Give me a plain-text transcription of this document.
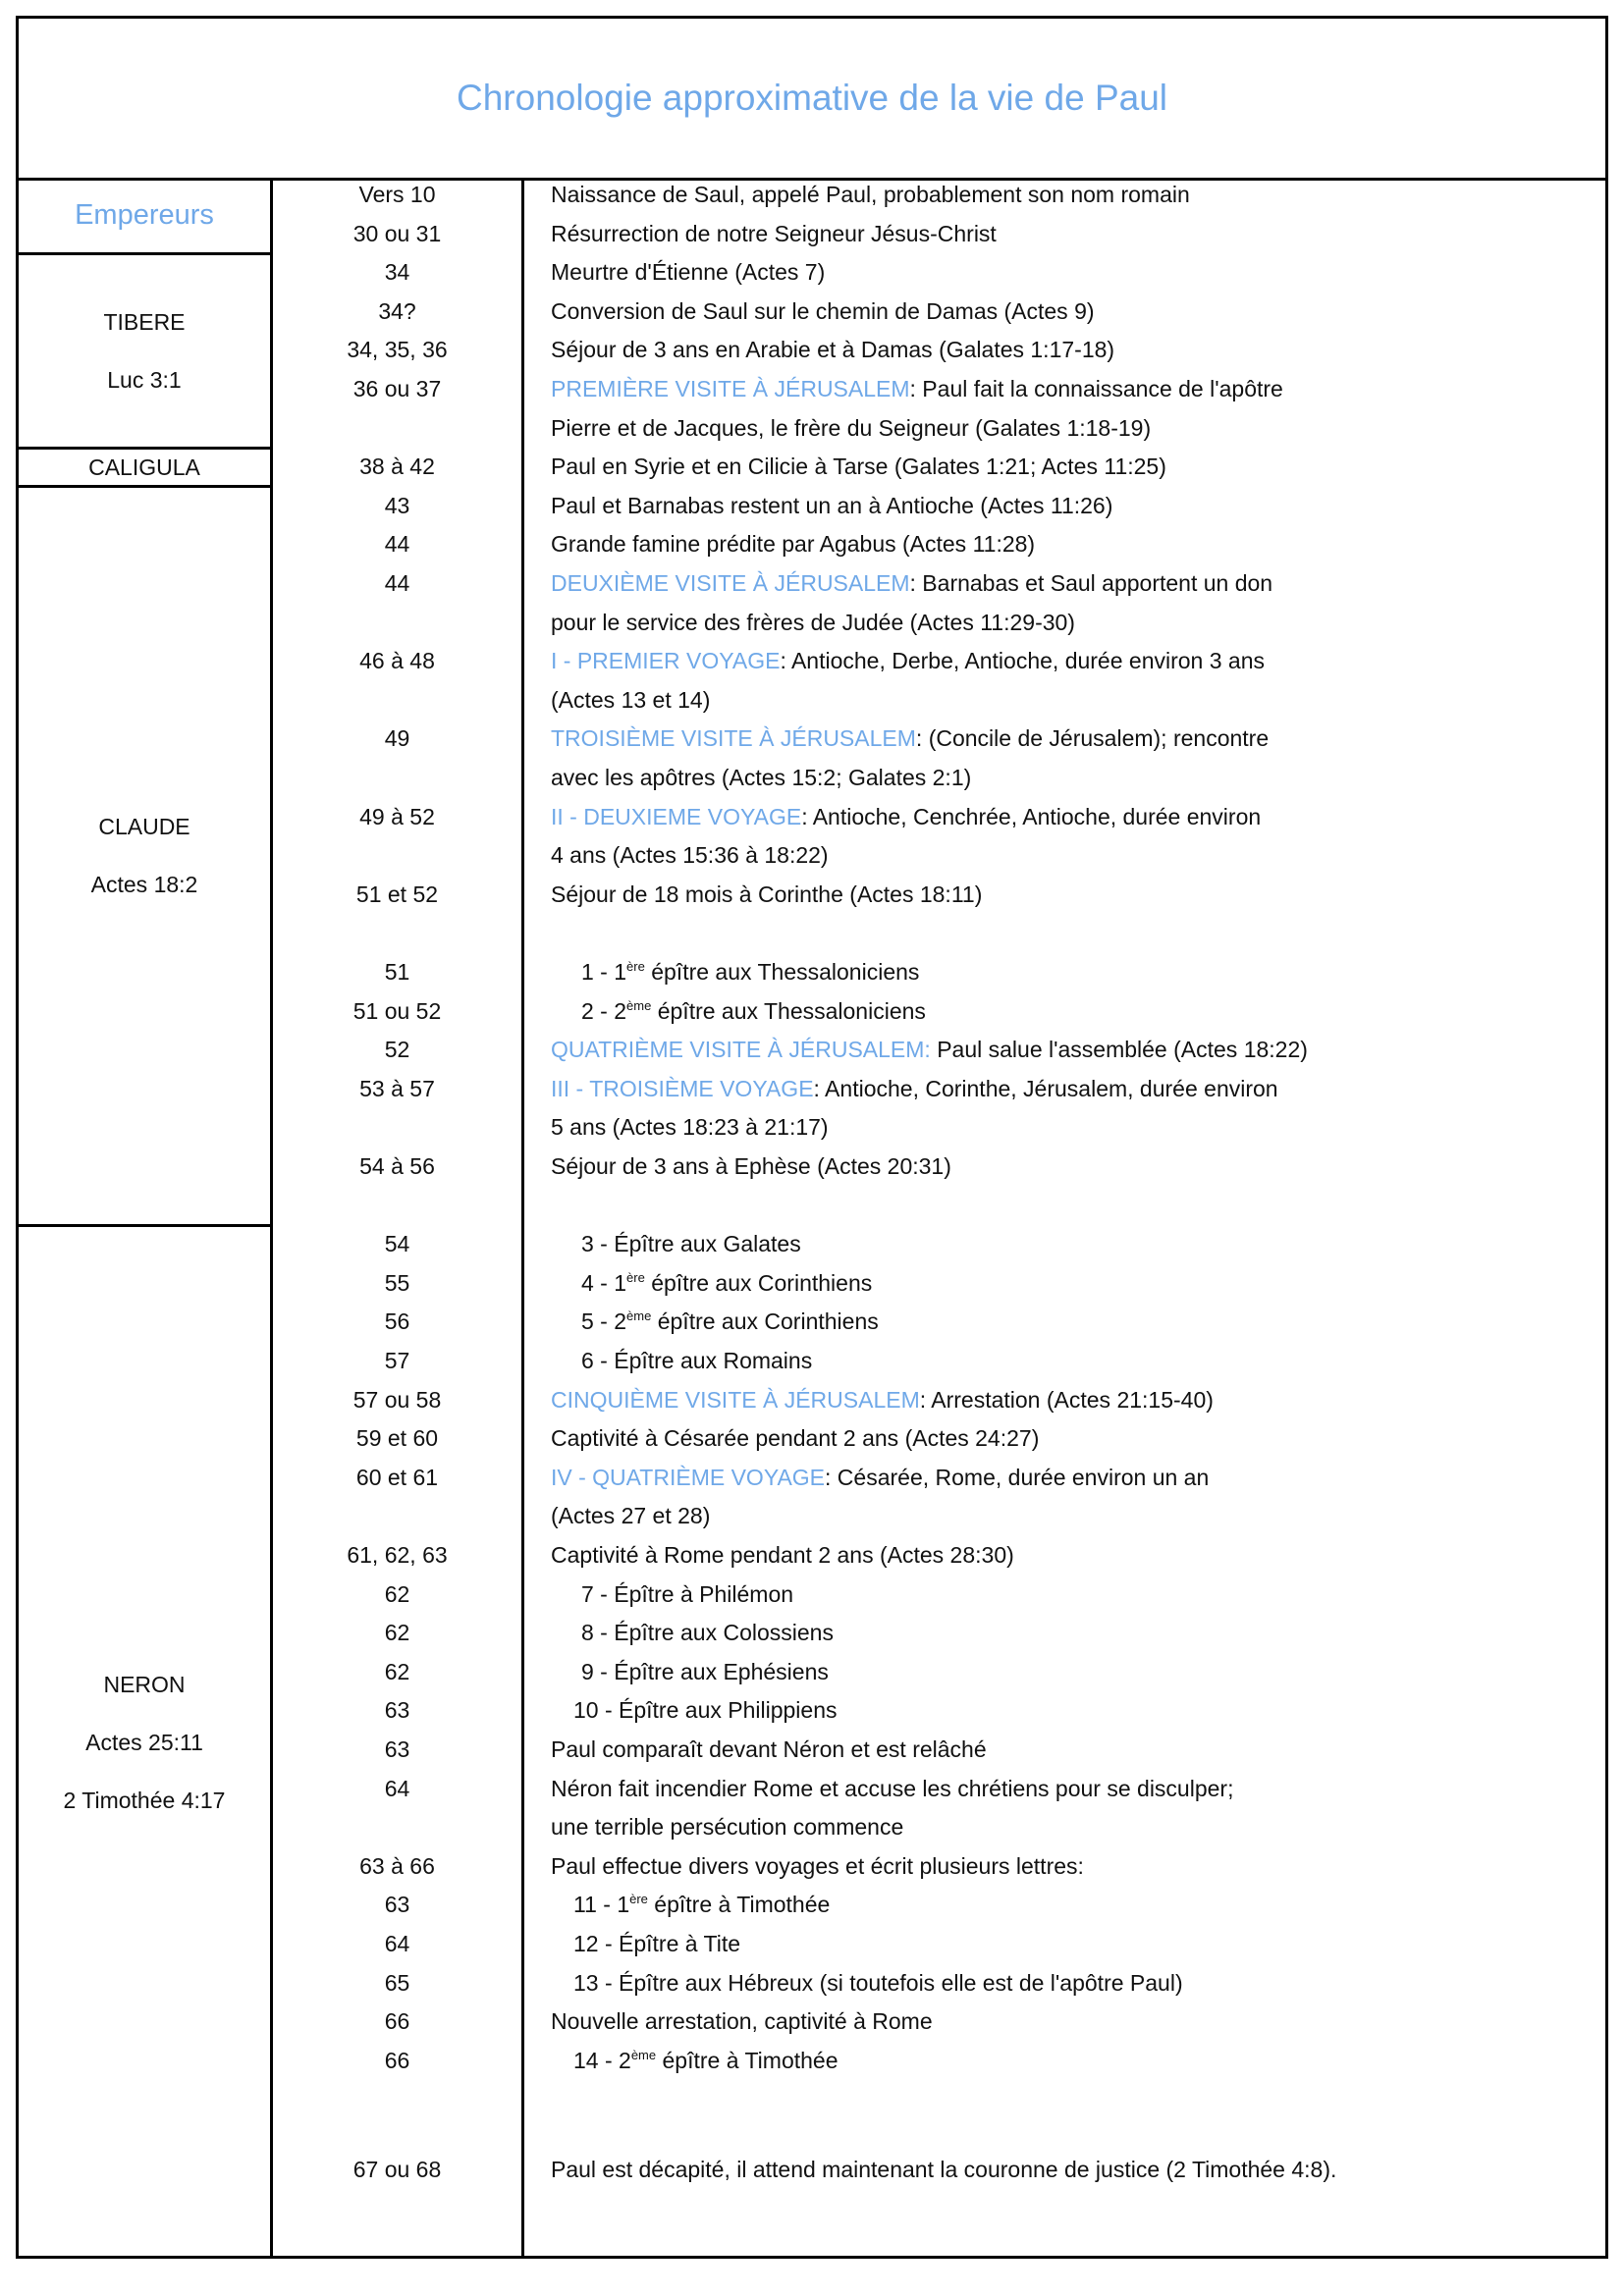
Chronologie approximative de la vie de Paul
Empereurs
TIBERE
Luc 3:1
CALIGULA
CLAUDE
Actes 18:2
NERON
Actes 25:11
2 Timothée 4:17
Vers 10
30 ou 31
34
34?
34, 35, 36
36 ou 37
38 à 42
43
44
44
46 à 48
49
49 à 52
51 et 52
51
51 ou 52
52
53 à 57
54 à 56
54
55
56
57
57 ou 58
59 et 60
60 et 61
61, 62, 63
62
62
62
63
63
64
63 à 66
63
64
65
66
66
67 ou 68
Naissance de Saul, appelé Paul, probablement son nom romain
Résurrection de notre Seigneur Jésus-Christ
Meurtre d'Étienne (Actes 7)
Conversion de Saul sur le chemin de Damas (Actes 9)
Séjour de 3 ans en Arabie et à Damas (Galates 1:17-18)
PREMIÈRE VISITE À JÉRUSALEM: Paul fait la connaissance de l'apôtre
Pierre et de Jacques, le frère du Seigneur (Galates 1:18-19)
Paul en Syrie et en Cilicie à Tarse (Galates 1:21; Actes 11:25)
Paul et Barnabas restent un an à Antioche (Actes 11:26)
Grande famine prédite par Agabus (Actes 11:28)
DEUXIÈME VISITE À JÉRUSALEM: Barnabas et Saul apportent un don
pour le service des frères de Judée (Actes 11:29-30)
I - PREMIER VOYAGE: Antioche, Derbe, Antioche, durée environ 3 ans
(Actes 13 et 14)
TROISIÈME VISITE À JÉRUSALEM: (Concile de Jérusalem); rencontre
avec les apôtres (Actes 15:2; Galates 2:1)
II - DEUXIEME VOYAGE: Antioche, Cenchrée, Antioche, durée environ
4 ans (Actes 15:36 à 18:22)
Séjour de 18 mois à Corinthe (Actes 18:11)
1 - 1ère épître aux Thessaloniciens
2 - 2ème épître aux Thessaloniciens
QUATRIÈME VISITE À JÉRUSALEM: Paul salue l'assemblée (Actes 18:22)
III - TROISIÈME VOYAGE: Antioche, Corinthe, Jérusalem, durée environ
5 ans (Actes 18:23 à 21:17)
Séjour de 3 ans à Ephèse (Actes 20:31)
3 - Épître aux Galates
4 - 1ère épître aux Corinthiens
5 - 2ème épître aux Corinthiens
6 - Épître aux Romains
CINQUIÈME VISITE À JÉRUSALEM: Arrestation (Actes 21:15-40)
Captivité à Césarée pendant 2 ans (Actes 24:27)
IV - QUATRIÈME VOYAGE: Césarée, Rome, durée environ un an
(Actes 27 et 28)
Captivité à Rome pendant 2 ans (Actes 28:30)
7 - Épître à Philémon
8 - Épître aux Colossiens
9 - Épître aux Ephésiens
10 - Épître aux Philippiens
Paul comparaît devant Néron et est relâché
Néron fait incendier Rome et accuse les chrétiens pour se disculper;
une terrible persécution commence
Paul effectue divers voyages et écrit plusieurs lettres:
11 - 1ère épître à Timothée
12 - Épître à Tite
13 - Épître aux Hébreux (si toutefois elle est de l'apôtre Paul)
Nouvelle arrestation, captivité à Rome
14 - 2ème épître à Timothée
Paul est décapité, il attend maintenant la couronne de justice (2 Timothée 4:8).
